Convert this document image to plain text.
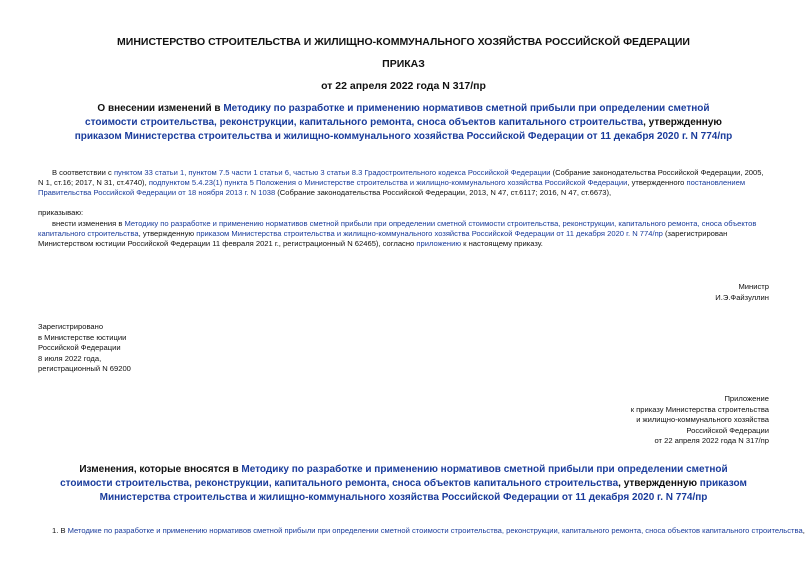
МИНИСТЕРСТВО СТРОИТЕЛЬСТВА И ЖИЛИЩНО-КОММУНАЛЬНОГО ХОЗЯЙСТВА РОССИЙСКОЙ ФЕДЕРАЦИИ
ПРИКАЗ
от 22 апреля 2022 года N 317/пр
О внесении изменений в Методику по разработке и применению нормативов сметной прибыли при определении сметной стоимости строительства, реконструкции, капитального ремонта, сноса объектов капитального строительства, утвержденную приказом Министерства строительства и жилищно-коммунального хозяйства Российской Федерации от 11 декабря 2020 г. N 774/пр
В соответствии с пунктом 33 статьи 1, пунктом 7.5 части 1 статьи 6, частью 3 статьи 8.3 Градостроительного кодекса Российской Федерации (Собрание законодательства Российской Федерации, 2005, N 1, ст.16; 2017, N 31, ст.4740), подпунктом 5.4.23(1) пункта 5 Положения о Министерстве строительства и жилищно-коммунального хозяйства Российской Федерации, утвержденного постановлением Правительства Российской Федерации от 18 ноября 2013 г. N 1038 (Собрание законодательства Российской Федерации, 2013, N 47, ст.6117; 2016, N 47, ст.6673),
приказываю:
внести изменения в Методику по разработке и применению нормативов сметной прибыли при определении сметной стоимости строительства, реконструкции, капитального ремонта, сноса объектов капитального строительства, утвержденную приказом Министерства строительства и жилищно-коммунального хозяйства Российской Федерации от 11 декабря 2020 г. N 774/пр (зарегистрирован Министерством юстиции Российской Федерации 11 февраля 2021 г., регистрационный N 62465), согласно приложению к настоящему приказу.
Министр
И.Э.Файзуллин
Зарегистрировано
в Министерстве юстиции
Российской Федерации
8 июля 2022 года,
регистрационный N 69200
Приложение
к приказу Министерства строительства
и жилищно-коммунального хозяйства
Российской Федерации
от 22 апреля 2022 года N 317/пр
Изменения, которые вносятся в Методику по разработке и применению нормативов сметной прибыли при определении сметной стоимости строительства, реконструкции, капитального ремонта, сноса объектов капитального строительства, утвержденную приказом Министерства строительства и жилищно-коммунального хозяйства Российской Федерации от 11 декабря 2020 г. N 774/пр
1. В Методике по разработке и применению нормативов сметной прибыли при определении сметной стоимости строительства, реконструкции, капитального ремонта, сноса объектов капитального строительства,
